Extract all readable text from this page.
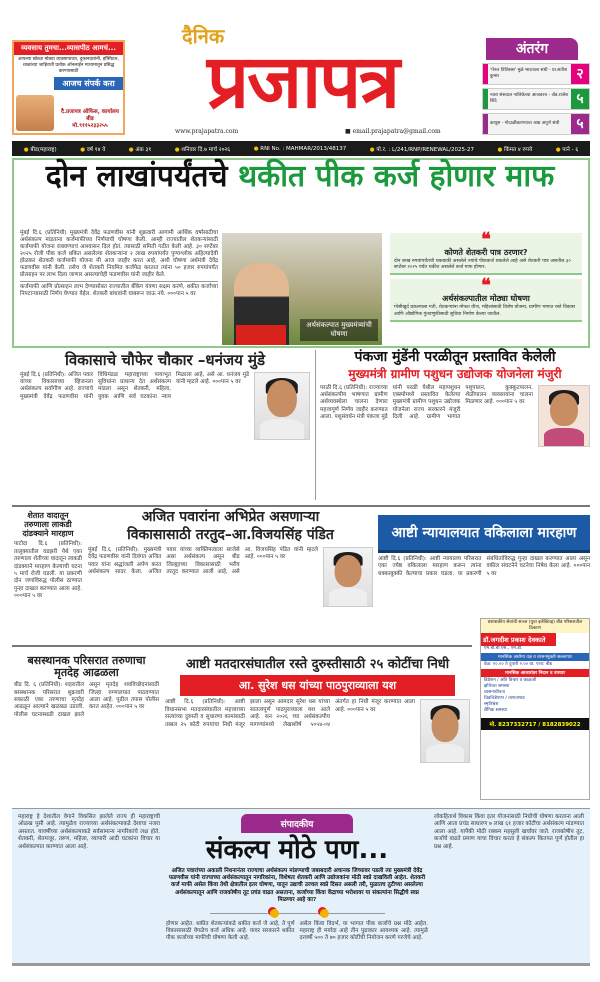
व्यवसाय तुमचा...व्यासपीठ आमचं...
आपल्या छोट्या मोठ्या व्यवसायाच्या, दुकानदारांनी, हॉस्पिटल, शाळांच्या जाहिराती प्रत्येक ऑनलाईन माध्यमातून प्रसिद्ध करण्यासाठी
आजच संपर्क करा
दै.प्रजापत्र ऑफिस, कार्यालय बीड
मो.९११५२३३२५५
दैनिक
प्रजापत्र
www.prajapatra.com	■ email.prajapatra@gmail.com
अंतरंग
'पॅनल तिलिसस' मुळे भारताला संधी - प्रा.सतीश कुमार	२
नवरा संसदाल नालिकेच्या आजवरच - ॲड.राजेश शिंदे	५
कापूस - गोदाळीकरण्याचा आड अपूर्ण संधी	५
● बीड(महाराष्ट्र)	● वर्ष १४ वे	● अंक ३१	● शनिवार दि.७ मार्च २०२६	● RNI No. : MAHMAR/2013/48137	● पो.र. : L/241/RNP/RENEWAL/2025-27	● किंमत ४ रुपये	● पाने - ६
दोन लाखांपर्यंतचे थकीत पीक कर्ज होणार माफ
मुंबई दि.६ (प्रतिनिधी) मुख्यमंत्री देवेंद्र फडणवीस यांनी शुक्रवारी आगामी आर्थिक वर्षासाठीचा अर्थसंकल्प मांडताना कर्जमाफीच्या निर्णयाची घोषणा केली. आम्ही राज्यातील शेतकऱ्यांसाठी कर्जमाफी योजना राबवण्याचं आश्वासन दिलं होतं. त्यासाठी समिती गठीत केली आहे. ३० सप्टेंबर २०२५ रोजी पीक कर्ज थकित असलेल्या शेतकऱ्यांना २ लाख रुपयांपर्यंत पुण्यश्लोक अहिल्यादेवी होळकर शेतकरी कर्जमाफी योजना मी आज जाहीर करत आहे, अशी घोषणा अर्थमंत्री देवेंद्र फडणवीस यांनी केली. तसेच जे शेतकरी नियमित कर्जफेड करतात त्यांना ५० हजार रुपयांपर्यंत प्रोत्साहन पर लाभ दिला जाणार असल्याचेही फडणवीस यांनी जाहीर केले.
कर्जमाफी आणि प्रोत्साहन लाभ देण्यासोबत राज्यातील बँकिंग यंत्रणा सक्षम करणे, थकीत कर्जाच्या निपटाऱ्यासाठी निर्णय घेण्यात येईल. शेतकरी बांधवांनी घाबरून जाऊ नये. ०००पान ५ वर
अर्थसंकल्पात मुख्यमंत्र्यांची घोषणा
❝
कोणते शेतकरी पात्र ठरणार?
दोन लाख रुपयांपर्यंतची थकबाकी असलेले ज्यांचे पीककर्ज थकलेले आहे असे शेतकरी पात्र असतील.३० सप्टेंबर २०२५ पर्यंत थकीत असलेले कर्ज माफ होणार.
❝
अर्थसंकल्पातील मोठ्या घोषणा
गोसीखुर्द प्रकल्पाला गती, शेतकऱ्यांना मोफत वीज, महिलांसाठी विशेष योजना, ग्रामीण भागात रस्ते विकास आणि औद्योगिक गुंतवणुकीसाठी सुविधा निर्माण केल्या जातील.
विकासाचे चौफेर चौकार –धनंजय मुंडे
मुंबई दि.६ (प्रतिनिधी): अजित पवार यांच्या विकासाच्या व्हिजनला अर्थसंकल्प सर्वांगीण आहे. राज्याचे मुख्यमंत्री देवेंद्र फडणवीस यांनी विधिमंडळ महाराष्ट्राच्या पायाभूत सुविधांना प्राधान्य देत अर्थसंकल्प मांडला असून शेतकरी, महिला, युवक आणि सर्व घटकांना न्याय मिळाला आहे, असे आ. धनंजय मुंडे यांनी म्हटले आहे. ०००पान ५ वर
पंकजा मुंडेंनी परळीतून प्रस्तावित केलेली
मुख्यमंत्री ग्रामीण पशुधन उद्योजक योजनेला मंजुरी
परळी दि.६ (प्रतिनिधी): राज्याच्या अर्थसंकल्पीय भाषणात ग्रामीण अर्थव्यवस्थेला चालना देणारा महत्त्वपूर्ण निर्णय जाहीर करण्यात आला. पशुसंवर्धन मंत्री पंकजा मुंडे यांनी परळी येथील महापशुधन एक्स्पोमध्ये प्रस्तावित केलेल्या मुख्यमंत्री ग्रामीण पशुधन उद्योजक योजनेला राज्य सरकारने मंजुरी दिली आहे. ग्रामीण भागात पशुपालन, कुक्कुटपालन, शेळीपालन व्यवसायांना चालना मिळणार आहे. ०००पान ५ वर
शेतात वादातून तरुणाला लाकडी दांडक्याने मारहाण
पाटोदा दि.६ (प्रतिनिधी): तालुक्यातील वडझरी येथे एका तरुणाला शेतीच्या वादातून लाकडी दांडक्याने मारहाण केल्याची घटना ५ मार्च रोजी घडली. या प्रकरणी दोन जणांविरुद्ध पोलीस ठाण्यात गुन्हा दाखल करण्यात आला आहे. ०००पान ५ वर
अजित पवारांना अभिप्रेत असणाऱ्या
विकासासाठी तरतुद–आ.विजयसिंह पंडित
मुंबई दि.६ (प्रतिनिधी): मुख्यमंत्री देवेंद्र फडणवीस यांनी दिवंगत अजित पवार यांना श्रद्धांजली अर्पण करत अर्थसंकल्प सादर केला. अजित पवार यांच्या व्यक्तिमत्वाला साजेसे असा अर्थसंकल्प असून बीड जिल्ह्याच्या विकासासाठी भरीव तरतूद करण्यात आली आहे, असे आ. विजयसिंह पंडित यांनी म्हटले आहे. ०००पान ५ वर
आष्टी न्यायालयात वकिलाला मारहाण
आष्टी दि.६ (प्रतिनिधी): आष्टी न्यायालय परिसरात एका ज्येष्ठ वकिलाला मारहाण करून त्यांना धक्काबुक्की केल्याचा प्रकार घडला. या प्रकरणी संबंधितांविरुद्ध गुन्हा दाखल करण्यात आला असून वकील संघटनेने घटनेचा निषेध केला आहे. ०००पान ५ वर
बसस्थानक परिसरात तरुणाचा मृतदेह आढळला
बीड दि. ६ (प्रतिनिधी): शहरातील बसस्थानक परिसरात शुक्रवारी सकाळी एका तरुणाचा मृतदेह आढळून आल्याने खळबळ उडाली. पोलीस घटनास्थळी दाखल झाले असून मृतदेह शवविच्छेदनासाठी जिल्हा रुग्णालयात पाठवण्यात आला आहे. पुढील तपास पोलीस करत आहेत. ०००पान ५ वर
आष्टी मतदारसंघातील रस्ते दुरुस्तीसाठी २५ कोटींचा निधी
आ. सुरेश धस यांच्या पाठपुराव्याला यश
आष्टी दि.६ (प्रतिनिधी): आष्टी विधानसभा मतदारसंघातील महत्त्वाच्या रस्त्यांच्या दुरुस्ती व सुधारणा कामांसाठी तब्बल २५ कोटी रुपयांचा निधी मंजूर झाला असून आमदार सुरेश धस यांच्या सातत्यपूर्ण पाठपुराव्याला यश आले आहे. सन २०२६ च्या अर्थसंकल्पीय मागण्यांमध्ये लेखाशीर्ष ५०५४-०४ अंतर्गत हा निधी मंजूर करण्यात आला आहे. ०००पान ५ वर
प्रशासकीय सेवांची सज्ज (युवा इलेक्टिव्ह) बीड परिसरातील ठिकाण
डॉ.जगदीश प्रकाश देवकाते
एम.बी.बी.एस., एम.डी.
मानसिक आरोग्य तज्ञ व व्यसनमुक्ती सल्लागार
वेळ: १०.०० ते दुपारी २.०० वा. पत्ता: बीड
मानसिक आजारांवर निदान व उपचार
डिप्रेशन / अति विचार व काळजी
झोपेच्या समस्या
व्यसनाधीनता
चिडचिडेपणा / ताणतणाव
स्मृतिभ्रंश
लैंगिक समस्या
मो. 8237332717 / 8182839022
महाराष्ट्र हे देशातील वेगाने विकसित झालेले राज्य ही महाराष्ट्राची ओळख पुसी आहे. त्यामुळेच राज्याच्या अर्थसंकल्पाकडे देशाचा नजरा असतात. यावर्षीच्या अर्थसंकल्पाकडे सर्वसामान्य नागरिकांचे लक्ष होते. शेतकरी, शेतमजूर, तरुण, महिला, व्यापारी आदी घटकांना विचार या अर्थसंकल्पात करण्यात आला आहे.
संपादकीय
संकल्प मोठे पण...
अजित पवारांच्या अकाली निधनानंतर राज्याचा अर्थसंकल्प मांडण्याची जबाबदारी अचानक जिच्यावर पडली त्या मुख्यमंत्री देवेंद्र फडणवीस यांनी राज्याच्या अर्थसंकल्पातून नागरिकांना, विशेषतः शेतकरी आणि उद्योजकांना मोठी स्वप्ने दाखविली आहेत. शेतकरी कर्ज माफी असेल किंवा तेथी क्षेत्रातील इतर घोषणा, यातून उद्याची उज्वल स्वप्ने दिसत असली तरी, मुळातच तुटीच्या असलेल्या अर्थसंकल्पातून आणि राजकोषीय तूट प्रचंड वाढत असताना, कर्जाच्या किंवा केंद्राच्या भरोशावर या संकल्पांना सिद्धीचे स्वप्न मिळणार आहे का?
होणार आहेत. थकीत शेतकऱ्यांकडे थकीत कर्ज जे आहे, ते पूर्ण विकासासाठी वेगळेच कर्ज अधिक आहे. यावर सरकारने थकीत पीक कर्जाच्या माफीची घोषणा केली आहे.
असेल किंवा विदर्भ, या भागात पीक कर्जाचे प्रश्न मोठे आहेत. महाराष्ट्र ही मर्यादा आहे तीन पुढाकार आवश्यक आहे. त्यामुळे दरवर्षी ५०० ते ७० हजार कोटींची नियोजन करणे गरजेचे आहे.
लोकहितार्थ विकास किंवा इतर योजनांसाठी निधीची घोषणा करताना आली आणि आता प्रचंड साधारण ७ लाख ६१ हजार कोटींचा अर्थसंकल्प मांडण्यात आला आहे. यापैकी मोठी रक्कम महसुली खर्चावर जाते. राजकोषीय तूट, कर्जाचे वाढते प्रमाण याचा विचार करता हे संकल्प कितपत पूर्ण होतील हा प्रश्न आहे.
